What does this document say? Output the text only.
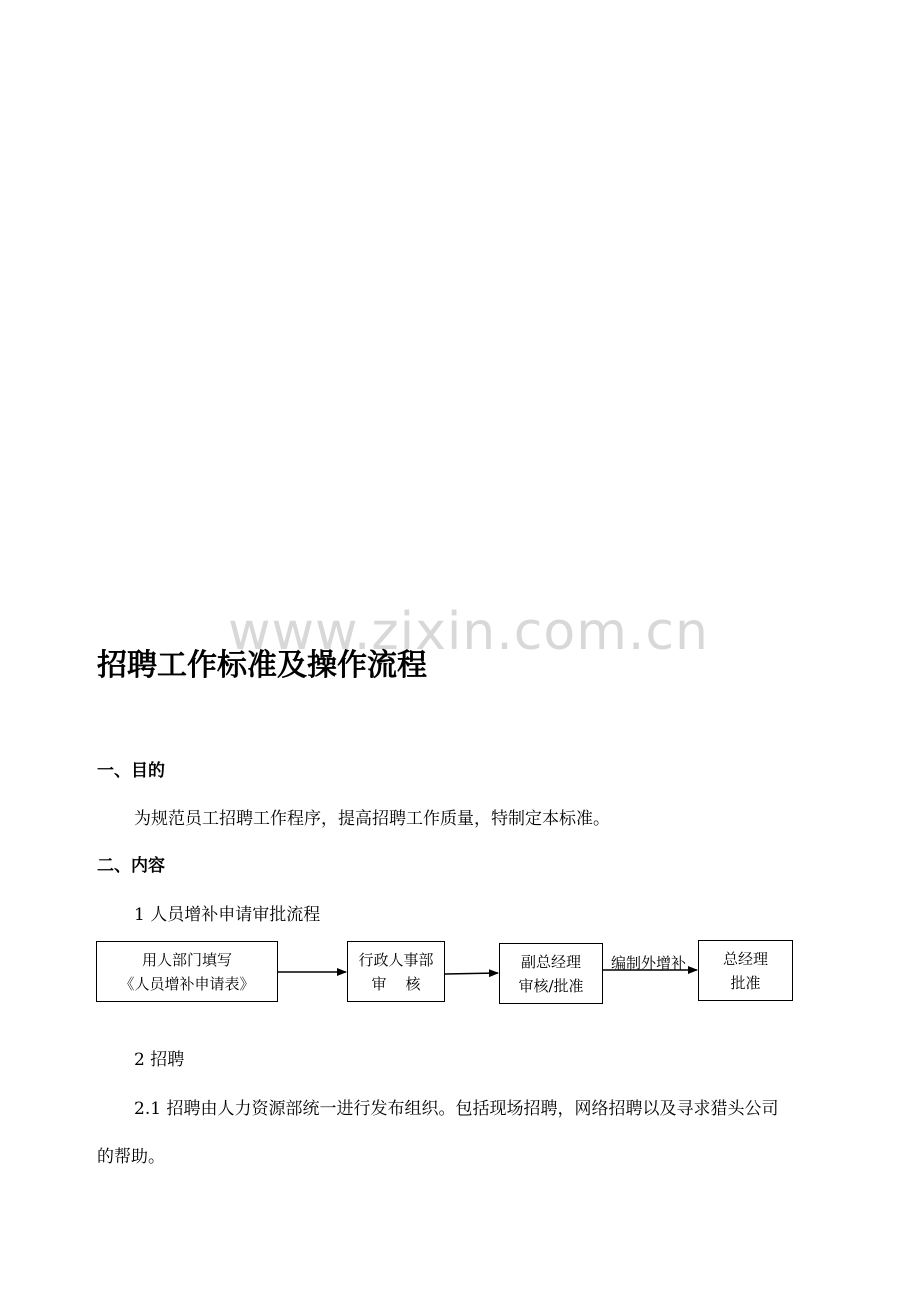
www.zixin.com.cn
招聘工作标准及操作流程
一、目的
为规范员工招聘工作程序，提高招聘工作质量，特制定本标准。
二、内容
1 人员增补申请审批流程
用人部门填写
《人员增补申请表》
行政人事部
审    核
副总经理
审核/批准
编制外增补 总经理
批准
2 招聘
2.1 招聘由人力资源部统一进行发布组织。包括现场招聘，网络招聘以及寻求猎头公司
的帮助。
